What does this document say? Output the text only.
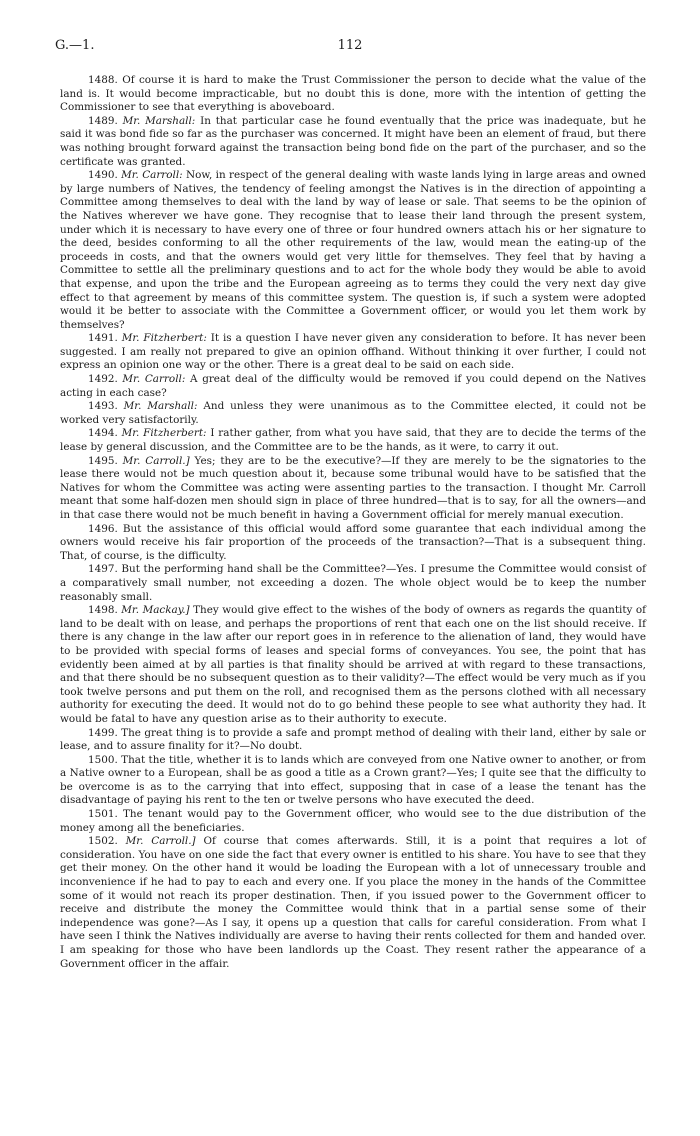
G.—1.	112

1488. Of course it is hard to make the Trust Commissioner the person to decide what the value of the land is. It would become impracticable, but no doubt this is done, more with the intention of getting the Commissioner to see that everything is aboveboard.

1489. Mr. Marshall: In that particular case he found eventually that the price was inadequate, but he said it was bond fide so far as the purchaser was concerned. It might have been an element of fraud, but there was nothing brought forward against the transaction being bond fide on the part of the purchaser, and so the certificate was granted.

1490. Mr. Carroll: Now, in respect of the general dealing with waste lands lying in large areas and owned by large numbers of Natives, the tendency of feeling amongst the Natives is in the direction of appointing a Committee among themselves to deal with the land by way of lease or sale. That seems to be the opinion of the Natives wherever we have gone. They recognise that to lease their land through the present system, under which it is necessary to have every one of three or four hundred owners attach his or her signature to the deed, besides conforming to all the other requirements of the law, would mean the eating-up of the proceeds in costs, and that the owners would get very little for themselves. They feel that by having a Committee to settle all the preliminary questions and to act for the whole body they would be able to avoid that expense, and upon the tribe and the European agreeing as to terms they could the very next day give effect to that agreement by means of this committee system. The question is, if such a system were adopted would it be better to associate with the Committee a Government officer, or would you let them work by themselves?

1491. Mr. Fitzherbert: It is a question I have never given any consideration to before. It has never been suggested. I am really not prepared to give an opinion offhand. Without thinking it over further, I could not express an opinion one way or the other. There is a great deal to be said on each side.

1492. Mr. Carroll: A great deal of the difficulty would be removed if you could depend on the Natives acting in each case?

1493. Mr. Marshall: And unless they were unanimous as to the Committee elected, it could not be worked very satisfactorily.

1494. Mr. Fitzherbert: I rather gather, from what you have said, that they are to decide the terms of the lease by general discussion, and the Committee are to be the hands, as it were, to carry it out.

1495. Mr. Carroll.] Yes; they are to be the executive?—If they are merely to be the signatories to the lease there would not be much question about it, because some tribunal would have to be satisfied that the Natives for whom the Committee was acting were assenting parties to the transaction. I thought Mr. Carroll meant that some half-dozen men should sign in place of three hundred—that is to say, for all the owners—and in that case there would not be much benefit in having a Government official for merely manual execution.

1496. But the assistance of this official would afford some guarantee that each individual among the owners would receive his fair proportion of the proceeds of the transaction?—That is a subsequent thing. That, of course, is the difficulty.

1497. But the performing hand shall be the Committee?—Yes. I presume the Committee would consist of a comparatively small number, not exceeding a dozen. The whole object would be to keep the number reasonably small.

1498. Mr. Mackay.] They would give effect to the wishes of the body of owners as regards the quantity of land to be dealt with on lease, and perhaps the proportions of rent that each one on the list should receive. If there is any change in the law after our report goes in in reference to the alienation of land, they would have to be provided with special forms of leases and special forms of conveyances. You see, the point that has evidently been aimed at by all parties is that finality should be arrived at with regard to these transactions, and that there should be no subsequent question as to their validity?—The effect would be very much as if you took twelve persons and put them on the roll, and recognised them as the persons clothed with all necessary authority for executing the deed. It would not do to go behind these people to see what authority they had. It would be fatal to have any question arise as to their authority to execute.

1499. The great thing is to provide a safe and prompt method of dealing with their land, either by sale or lease, and to assure finality for it?—No doubt.

1500. That the title, whether it is to lands which are conveyed from one Native owner to another, or from a Native owner to a European, shall be as good a title as a Crown grant?—Yes; I quite see that the difficulty to be overcome is as to the carrying that into effect, supposing that in case of a lease the tenant has the disadvantage of paying his rent to the ten or twelve persons who have executed the deed.

1501. The tenant would pay to the Government officer, who would see to the due distribution of the money among all the beneficiaries.

1502. Mr. Carroll.] Of course that comes afterwards. Still, it is a point that requires a lot of consideration. You have on one side the fact that every owner is entitled to his share. You have to see that they get their money. On the other hand it would be loading the European with a lot of unnecessary trouble and inconvenience if he had to pay to each and every one. If you place the money in the hands of the Committee some of it would not reach its proper destination. Then, if you issued power to the Government officer to receive and distribute the money the Committee would think that in a partial sense some of their independence was gone?—As I say, it opens up a question that calls for careful consideration. From what I have seen I think the Natives individually are averse to having their rents collected for them and handed over. I am speaking for those who have been landlords up the Coast. They resent rather the appearance of a Government officer in the affair.
